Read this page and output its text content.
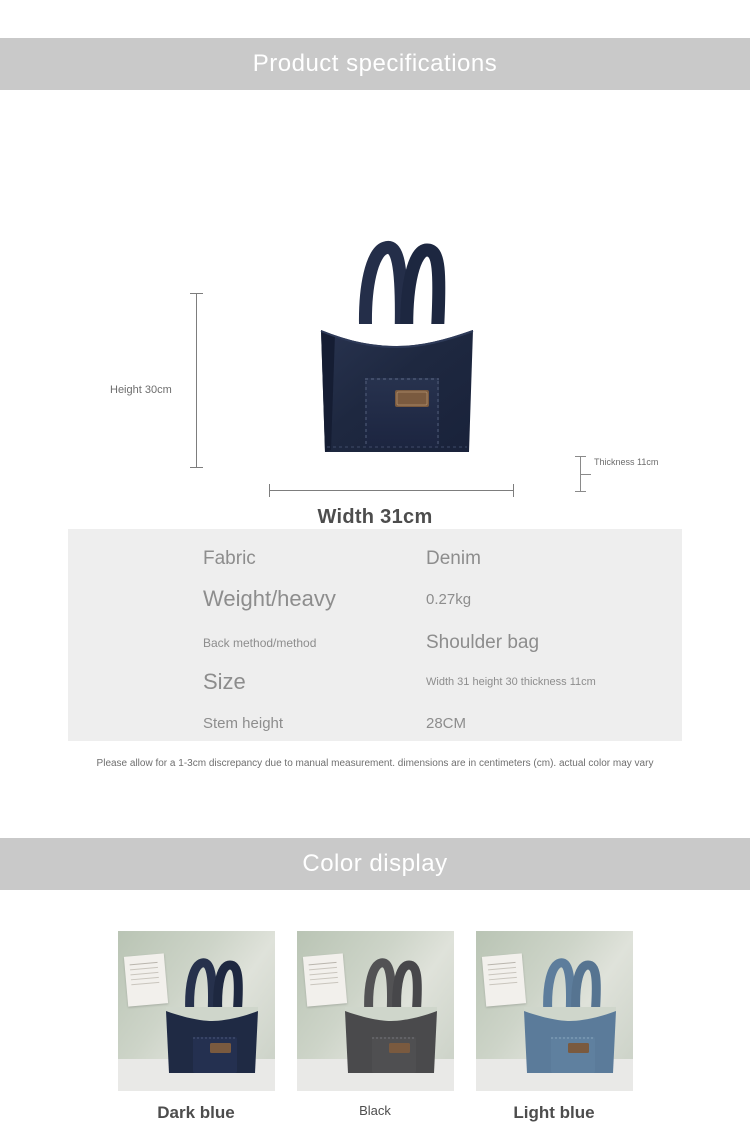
Product specifications
Height 30cm
Width 31cm
Thickness 11cm
Fabric	Denim
Weight/heavy	0.27kg
Back method/method	Shoulder bag
Size	Width 31 height 30 thickness 11cm
Stem height	28CM
Please allow for a 1-3cm discrepancy due to manual measurement. dimensions are in centimeters (cm). actual color may vary
Color display
Dark blue	Black	Light blue
